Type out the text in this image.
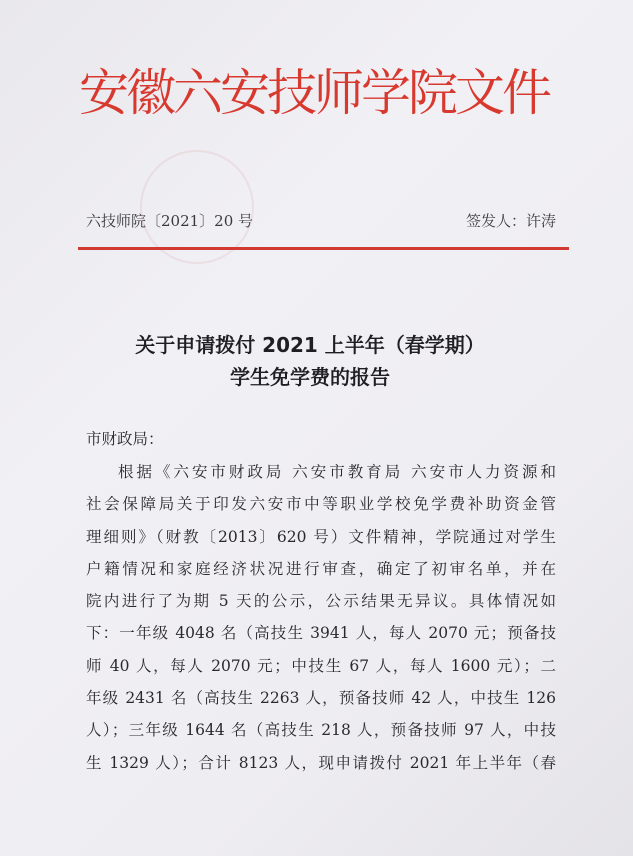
安徽六安技师学院文件
六技师院〔2021〕20 号	签发人：许涛
关于申请拨付 2021 上半年（春学期）
学生免学费的报告
市财政局：
根据《六安市财政局 六安市教育局 六安市人力资源和
社会保障局关于印发六安市中等职业学校免学费补助资金管
理细则》（财教〔2013〕620 号）文件精神，学院通过对学生
户籍情况和家庭经济状况进行审查，确定了初审名单，并在
院内进行了为期 5 天的公示，公示结果无异议。具体情况如
下：一年级 4048 名（高技生 3941 人，每人 2070 元；预备技
师 40 人，每人 2070 元；中技生 67 人，每人 1600 元）；二
年级 2431 名（高技生 2263 人，预备技师 42 人，中技生 126
人）；三年级 1644 名（高技生 218 人，预备技师 97 人，中技
生 1329 人）；合计 8123 人，现申请拨付 2021 年上半年（春
